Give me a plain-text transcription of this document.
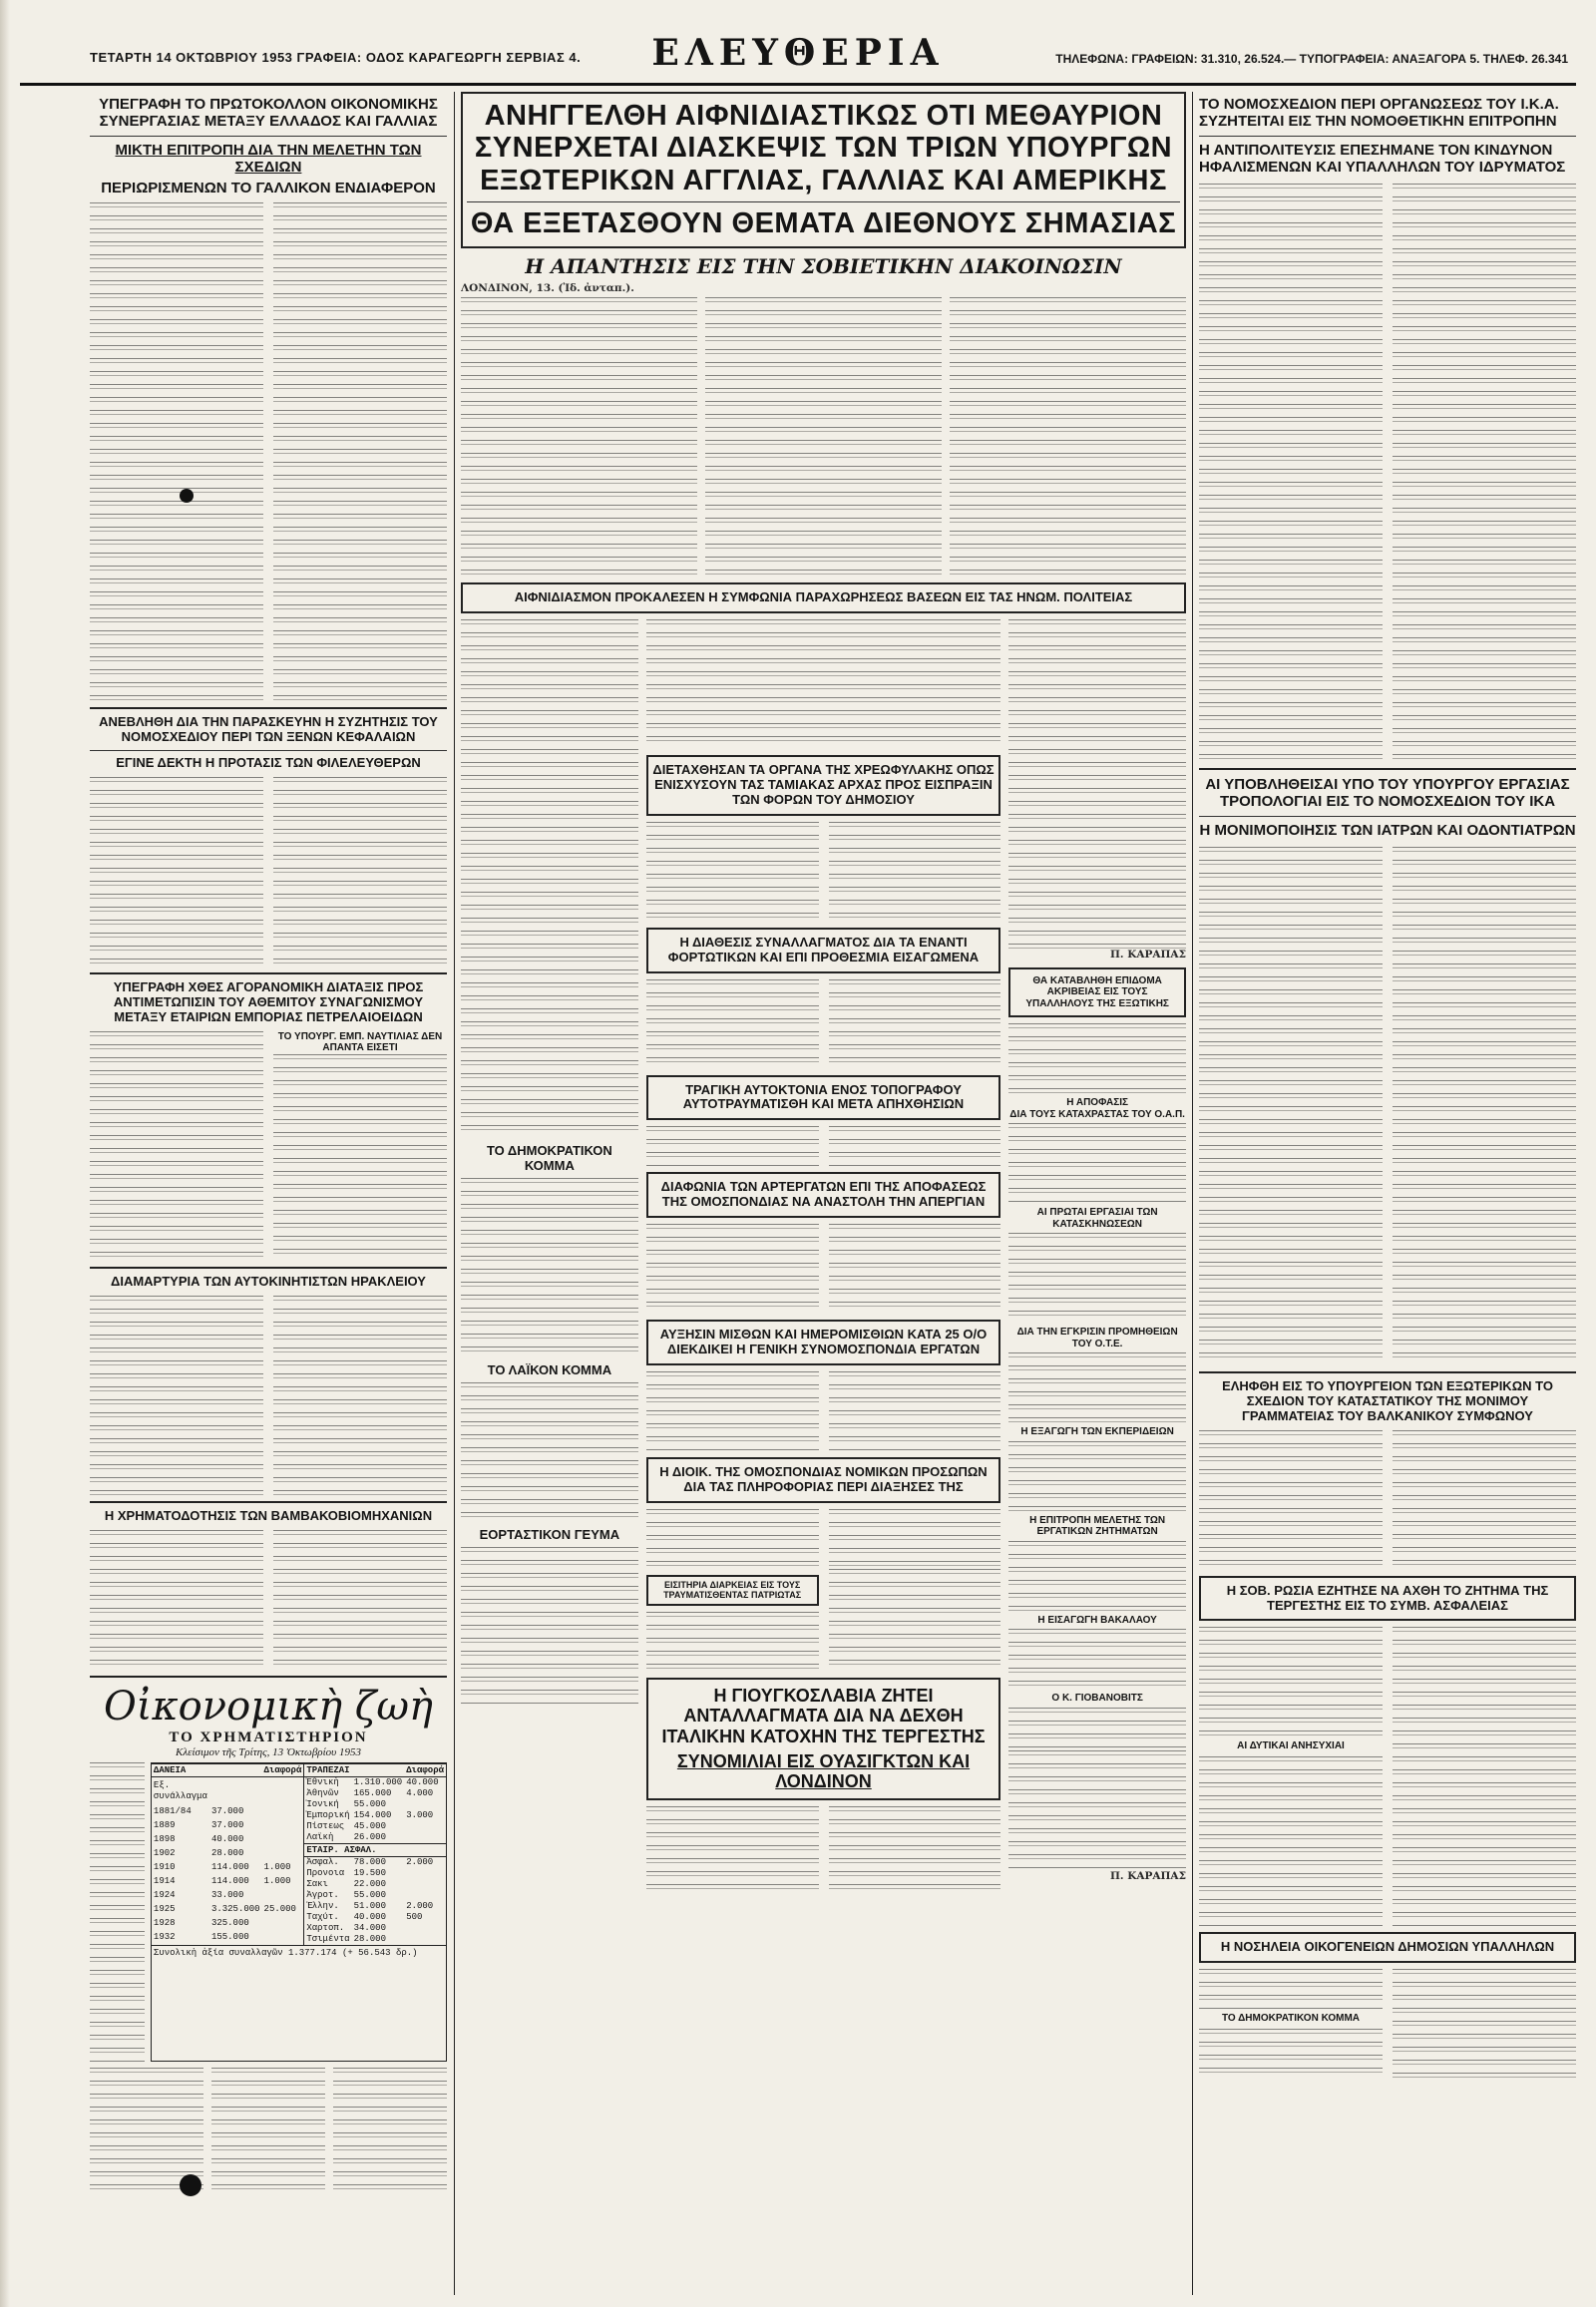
ΤΕΤΑΡΤΗ 14 ΟΚΤΩΒΡΙΟΥ 1953 ΓΡΑΦΕΙΑ: ΟΔΟΣ ΚΑΡΑΓΕΩΡΓΗ ΣΕΡΒΙΑΣ 4.	ΕΛΕΥΘΕΡΙΑ	ΤΗΛΕΦΩΝΑ: ΓΡΑΦΕΙΩΝ: 31.310, 26.524.— ΤΥΠΟΓΡΑΦΕΙΑ: ΑΝΑΞΑΓΟΡΑ 5. ΤΗΛΕΦ. 26.341
ΥΠΕΓΡΑΦΗ ΤΟ ΠΡΩΤΟΚΟΛΛΟΝ ΟΙΚΟΝΟΜΙΚΗΣ ΣΥΝΕΡΓΑΣΙΑΣ ΜΕΤΑΞΥ ΕΛΛΑΔΟΣ ΚΑΙ ΓΑΛΛΙΑΣ
ΜΙΚΤΗ ΕΠΙΤΡΟΠΗ ΔΙΑ ΤΗΝ ΜΕΛΕΤΗΝ ΤΩΝ ΣΧΕΔΙΩΝ
ΠΕΡΙΩΡΙΣΜΕΝΩΝ ΤΟ ΓΑΛΛΙΚΟΝ ΕΝΔΙΑΦΕΡΟΝ
ΑΝΕΒΛΗΘΗ ΔΙΑ ΤΗΝ ΠΑΡΑΣΚΕΥΗΝ Η ΣΥΖΗΤΗΣΙΣ ΤΟΥ ΝΟΜΟΣΧΕΔΙΟΥ ΠΕΡΙ ΤΩΝ ΞΕΝΩΝ ΚΕΦΑΛΑΙΩΝ
ΕΓΙΝΕ ΔΕΚΤΗ Η ΠΡΟΤΑΣΙΣ ΤΩΝ ΦΙΛΕΛΕΥΘΕΡΩΝ
ΥΠΕΓΡΑΦΗ ΧΘΕΣ ΑΓΟΡΑΝΟΜΙΚΗ ΔΙΑΤΑΞΙΣ ΠΡΟΣ ΑΝΤΙΜΕΤΩΠΙΣΙΝ ΤΟΥ ΑΘΕΜΙΤΟΥ ΣΥΝΑΓΩΝΙΣΜΟΥ ΜΕΤΑΞΥ ΕΤΑΙΡΙΩΝ ΕΜΠΟΡΙΑΣ ΠΕΤΡΕΛΑΙΟΕΙΔΩΝ
ΤΟ ΥΠΟΥΡΓ. ΕΜΠ. ΝΑΥΤΙΛΙΑΣ ΔΕΝ ΑΠΑΝΤΑ ΕΙΣΕΤΙ
ΔΙΑΜΑΡΤΥΡΙΑ ΤΩΝ ΑΥΤΟΚΙΝΗΤΙΣΤΩΝ ΗΡΑΚΛΕΙΟΥ
Η ΧΡΗΜΑΤΟΔΟΤΗΣΙΣ ΤΩΝ ΒΑΜΒΑΚΟΒΙΟΜΗΧΑΝΙΩΝ
Οἰκονομικὴ ζωὴ
ΤΟ ΧΡΗΜΑΤΙΣΤΗΡΙΟΝ
Κλείσιμον τῆς Τρίτης, 13 Ὀκτωβρίου 1953
ΔΑΝΕΙΑ		Διαφορά
Εξ. συνάλλαγμα		
1881/84	37.000	
1889	37.000	
1898	40.000	
1902	28.000	
1910	114.000	1.000
1914	114.000	1.000
1924	33.000	
1925	3.325.000	25.000
1928	325.000	
1932	155.000	
ΤΡΑΠΕΖΑΙ		Διαφορά
Ἐθνικὴ	1.310.000	40.000
Ἀθηνῶν	165.000	4.000
Ἰονική	55.000	
Ἐμπορική	154.000	3.000
Πίστεως	45.000	
Λαϊκὴ	26.000	
ΕΤΑΙΡ. ΑΣΦΑΛ.		
Ἀσφαλ.	78.000	2.000
Προνοια	19.500	
Σακι	22.000	
Ἀγροτ.	55.000	
Ἑλλην.	51.000	2.000
Ταχύτ.	40.000	500
Χαρτοπ.	34.000	
Τσιμέντα	28.000	
Συνολικὴ ἀξία συναλλαγῶν 1.377.174 (+ 56.543 δρ.)
ΑΝΗΓΓΕΛΘΗ ΑΙΦΝΙΔΙΑΣΤΙΚΩΣ ΟΤΙ ΜΕΘΑΥΡΙΟΝ ΣΥΝΕΡΧΕΤΑΙ ΔΙΑΣΚΕΨΙΣ ΤΩΝ ΤΡΙΩΝ ΥΠΟΥΡΓΩΝ ΕΞΩΤΕΡΙΚΩΝ ΑΓΓΛΙΑΣ, ΓΑΛΛΙΑΣ ΚΑΙ ΑΜΕΡΙΚΗΣ
ΘΑ ΕΞΕΤΑΣΘΟΥΝ ΘΕΜΑΤΑ ΔΙΕΘΝΟΥΣ ΣΗΜΑΣΙΑΣ
Η ΑΠΑΝΤΗΣΙΣ ΕΙΣ ΤΗΝ ΣΟΒΙΕΤΙΚΗΝ ΔΙΑΚΟΙΝΩΣΙΝ
ΛΟΝΔΙΝΟΝ, 13. (Ἰδ. ἀνταπ.).
ΑΙΦΝΙΔΙΑΣΜΟΝ ΠΡΟΚΑΛΕΣΕΝ Η ΣΥΜΦΩΝΙΑ ΠΑΡΑΧΩΡΗΣΕΩΣ ΒΑΣΕΩΝ ΕΙΣ ΤΑΣ ΗΝΩΜ. ΠΟΛΙΤΕΙΑΣ
ΤΟ ΔΗΜΟΚΡΑΤΙΚΟΝ ΚΟΜΜΑ
ΤΟ ΛΑΪΚΟΝ ΚΟΜΜΑ
ΕΟΡΤΑΣΤΙΚΟΝ ΓΕΥΜΑ
ΔΙΕΤΑΧΘΗΣΑΝ ΤΑ ΟΡΓΑΝΑ ΤΗΣ ΧΡΕΩΦΥΛΑΚΗΣ ΟΠΩΣ ΕΝΙΣΧΥΣΟΥΝ ΤΑΣ ΤΑΜΙΑΚΑΣ ΑΡΧΑΣ ΠΡΟΣ ΕΙΣΠΡΑΞΙΝ ΤΩΝ ΦΟΡΩΝ ΤΟΥ ΔΗΜΟΣΙΟΥ
Η ΔΙΑΘΕΣΙΣ ΣΥΝΑΛΛΑΓΜΑΤΟΣ ΔΙΑ ΤΑ ΕΝΑΝΤΙ ΦΟΡΤΩΤΙΚΩΝ ΚΑΙ ΕΠΙ ΠΡΟΘΕΣΜΙΑ ΕΙΣΑΓΩΜΕΝΑ
ΤΡΑΓΙΚΗ ΑΥΤΟΚΤΟΝΙΑ ΕΝΟΣ ΤΟΠΟΓΡΑΦΟΥ ΑΥΤΟΤΡΑΥΜΑΤΙΣΘΗ ΚΑΙ ΜΕΤΑ ΑΠΗΧΘΗΣΙΩΝ
ΔΙΑΦΩΝΙΑ ΤΩΝ ΑΡΤΕΡΓΑΤΩΝ ΕΠΙ ΤΗΣ ΑΠΟΦΑΣΕΩΣ ΤΗΣ ΟΜΟΣΠΟΝΔΙΑΣ ΝΑ ΑΝΑΣΤΟΛΗ ΤΗΝ ΑΠΕΡΓΙΑΝ
ΑΥΞΗΣΙΝ ΜΙΣΘΩΝ ΚΑΙ ΗΜΕΡΟΜΙΣΘΙΩΝ ΚΑΤΑ 25 Ο/Ο ΔΙΕΚΔΙΚΕΙ Η ΓΕΝΙΚΗ ΣΥΝΟΜΟΣΠΟΝΔΙΑ ΕΡΓΑΤΩΝ
Η ΔΙΟΙΚ. ΤΗΣ ΟΜΟΣΠΟΝΔΙΑΣ ΝΟΜΙΚΩΝ ΠΡΟΣΩΠΩΝ ΔΙΑ ΤΑΣ ΠΛΗΡΟΦΟΡΙΑΣ ΠΕΡΙ ΔΙΑΞΗΣΕΣ ΤΗΣ
ΕΙΣΙΤΗΡΙΑ ΔΙΑΡΚΕΙΑΣ ΕΙΣ ΤΟΥΣ ΤΡΑΥΜΑΤΙΣΘΕΝΤΑΣ ΠΑΤΡΙΩΤΑΣ
Η ΓΙΟΥΓΚΟΣΛΑΒΙΑ ΖΗΤΕΙ ΑΝΤΑΛΛΑΓΜΑΤΑ ΔΙΑ ΝΑ ΔΕΧΘΗ ΙΤΑΛΙΚΗΝ ΚΑΤΟΧΗΝ ΤΗΣ ΤΕΡΓΕΣΤΗΣ
ΣΥΝΟΜΙΛΙΑΙ ΕΙΣ ΟΥΑΣΙΓΚΤΩΝ ΚΑΙ ΛΟΝΔΙΝΟΝ
Π. ΚΑΡΑΠΑΣ
ΘΑ ΚΑΤΑΒΛΗΘΗ ΕΠΙΔΟΜΑ ΑΚΡΙΒΕΙΑΣ ΕΙΣ ΤΟΥΣ ΥΠΑΛΛΗΛΟΥΣ ΤΗΣ ΕΞΩΤΙΚΗΣ
Η ΑΠΟΦΑΣΙΣ
ΔΙΑ ΤΟΥΣ ΚΑΤΑΧΡΑΣΤΑΣ ΤΟΥ Ο.Α.Π.
ΑΙ ΠΡΩΤΑΙ ΕΡΓΑΣΙΑΙ ΤΩΝ ΚΑΤΑΣΚΗΝΩΣΕΩΝ
ΔΙΑ ΤΗΝ ΕΓΚΡΙΣΙΝ ΠΡΟΜΗΘΕΙΩΝ ΤΟΥ Ο.Τ.Ε.
Η ΕΞΑΓΩΓΗ ΤΩΝ ΕΚΠΕΡΙΔΕΙΩΝ
Η ΕΠΙΤΡΟΠΗ ΜΕΛΕΤΗΣ ΤΩΝ ΕΡΓΑΤΙΚΩΝ ΖΗΤΗΜΑΤΩΝ
Η ΕΙΣΑΓΩΓΗ ΒΑΚΑΛΑΟΥ
Ο Κ. ΓΙΟΒΑΝΟΒΙΤΣ
Π. ΚΑΡΑΠΑΣ
ΤΟ ΝΟΜΟΣΧΕΔΙΟΝ ΠΕΡΙ ΟΡΓΑΝΩΣΕΩΣ ΤΟΥ Ι.Κ.Α. ΣΥΖΗΤΕΙΤΑΙ ΕΙΣ ΤΗΝ ΝΟΜΟΘΕΤΙΚΗΝ ΕΠΙΤΡΟΠΗΝ
Η ΑΝΤΙΠΟΛΙΤΕΥΣΙΣ ΕΠΕΣΗΜΑΝΕ ΤΟΝ ΚΙΝΔΥΝΟΝ ΗΦΑΛΙΣΜΕΝΩΝ ΚΑΙ ΥΠΑΛΛΗΛΩΝ ΤΟΥ ΙΔΡΥΜΑΤΟΣ
ΑΙ ΥΠΟΒΛΗΘΕΙΣΑΙ ΥΠΟ ΤΟΥ ΥΠΟΥΡΓΟΥ ΕΡΓΑΣΙΑΣ ΤΡΟΠΟΛΟΓΙΑΙ ΕΙΣ ΤΟ ΝΟΜΟΣΧΕΔΙΟΝ ΤΟΥ ΙΚΑ
Η ΜΟΝΙΜΟΠΟΙΗΣΙΣ ΤΩΝ ΙΑΤΡΩΝ ΚΑΙ ΟΔΟΝΤΙΑΤΡΩΝ
ΕΛΗΦΘΗ ΕΙΣ ΤΟ ΥΠΟΥΡΓΕΙΟΝ ΤΩΝ ΕΞΩΤΕΡΙΚΩΝ ΤΟ ΣΧΕΔΙΟΝ ΤΟΥ ΚΑΤΑΣΤΑΤΙΚΟΥ ΤΗΣ ΜΟΝΙΜΟΥ ΓΡΑΜΜΑΤΕΙΑΣ ΤΟΥ ΒΑΛΚΑΝΙΚΟΥ ΣΥΜΦΩΝΟΥ
Η ΣΟΒ. ΡΩΣΙΑ ΕΖΗΤΗΣΕ ΝΑ ΑΧΘΗ ΤΟ ΖΗΤΗΜΑ ΤΗΣ ΤΕΡΓΕΣΤΗΣ ΕΙΣ ΤΟ ΣΥΜΒ. ΑΣΦΑΛΕΙΑΣ
ΑΙ ΔΥΤΙΚΑΙ ΑΝΗΣΥΧΙΑΙ
Η ΝΟΣΗΛΕΙΑ ΟΙΚΟΓΕΝΕΙΩΝ ΔΗΜΟΣΙΩΝ ΥΠΑΛΛΗΛΩΝ
ΤΟ ΔΗΜΟΚΡΑΤΙΚΟΝ ΚΟΜΜΑ
